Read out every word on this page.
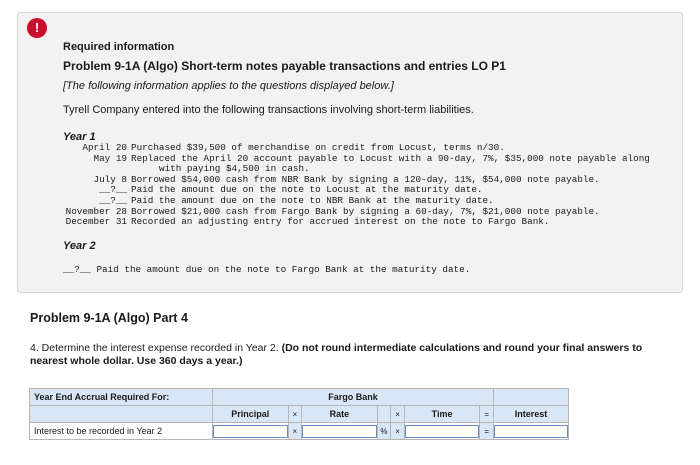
!
Required information
Problem 9-1A (Algo) Short-term notes payable transactions and entries LO P1
[The following information applies to the questions displayed below.]
Tyrell Company entered into the following transactions involving short-term liabilities.
Year 1
April 20 Purchased $39,500 of merchandise on credit from Locust, terms n/30.
May 19 Replaced the April 20 account payable to Locust with a 90-day, 7%, $35,000 note payable along
with paying $4,500 in cash.
July 8 Borrowed $54,000 cash from NBR Bank by signing a 120-day, 11%, $54,000 note payable.
__?__ Paid the amount due on the note to Locust at the maturity date.
__?__ Paid the amount due on the note to NBR Bank at the maturity date.
November 28 Borrowed $21,000 cash from Fargo Bank by signing a 60-day, 7%, $21,000 note payable.
December 31 Recorded an adjusting entry for accrued interest on the note to Fargo Bank.
Year 2
__?__ Paid the amount due on the note to Fargo Bank at the maturity date.
Problem 9-1A (Algo) Part 4
4. Determine the interest expense recorded in Year 2. (Do not round intermediate calculations and round your final answers to nearest whole dollar. Use 360 days a year.)
Year End Accrual Required For:	Fargo Bank							
	Principal	×	Rate		×	Time	=	Interest
Interest to be recorded in Year 2		×		%	×		=	
